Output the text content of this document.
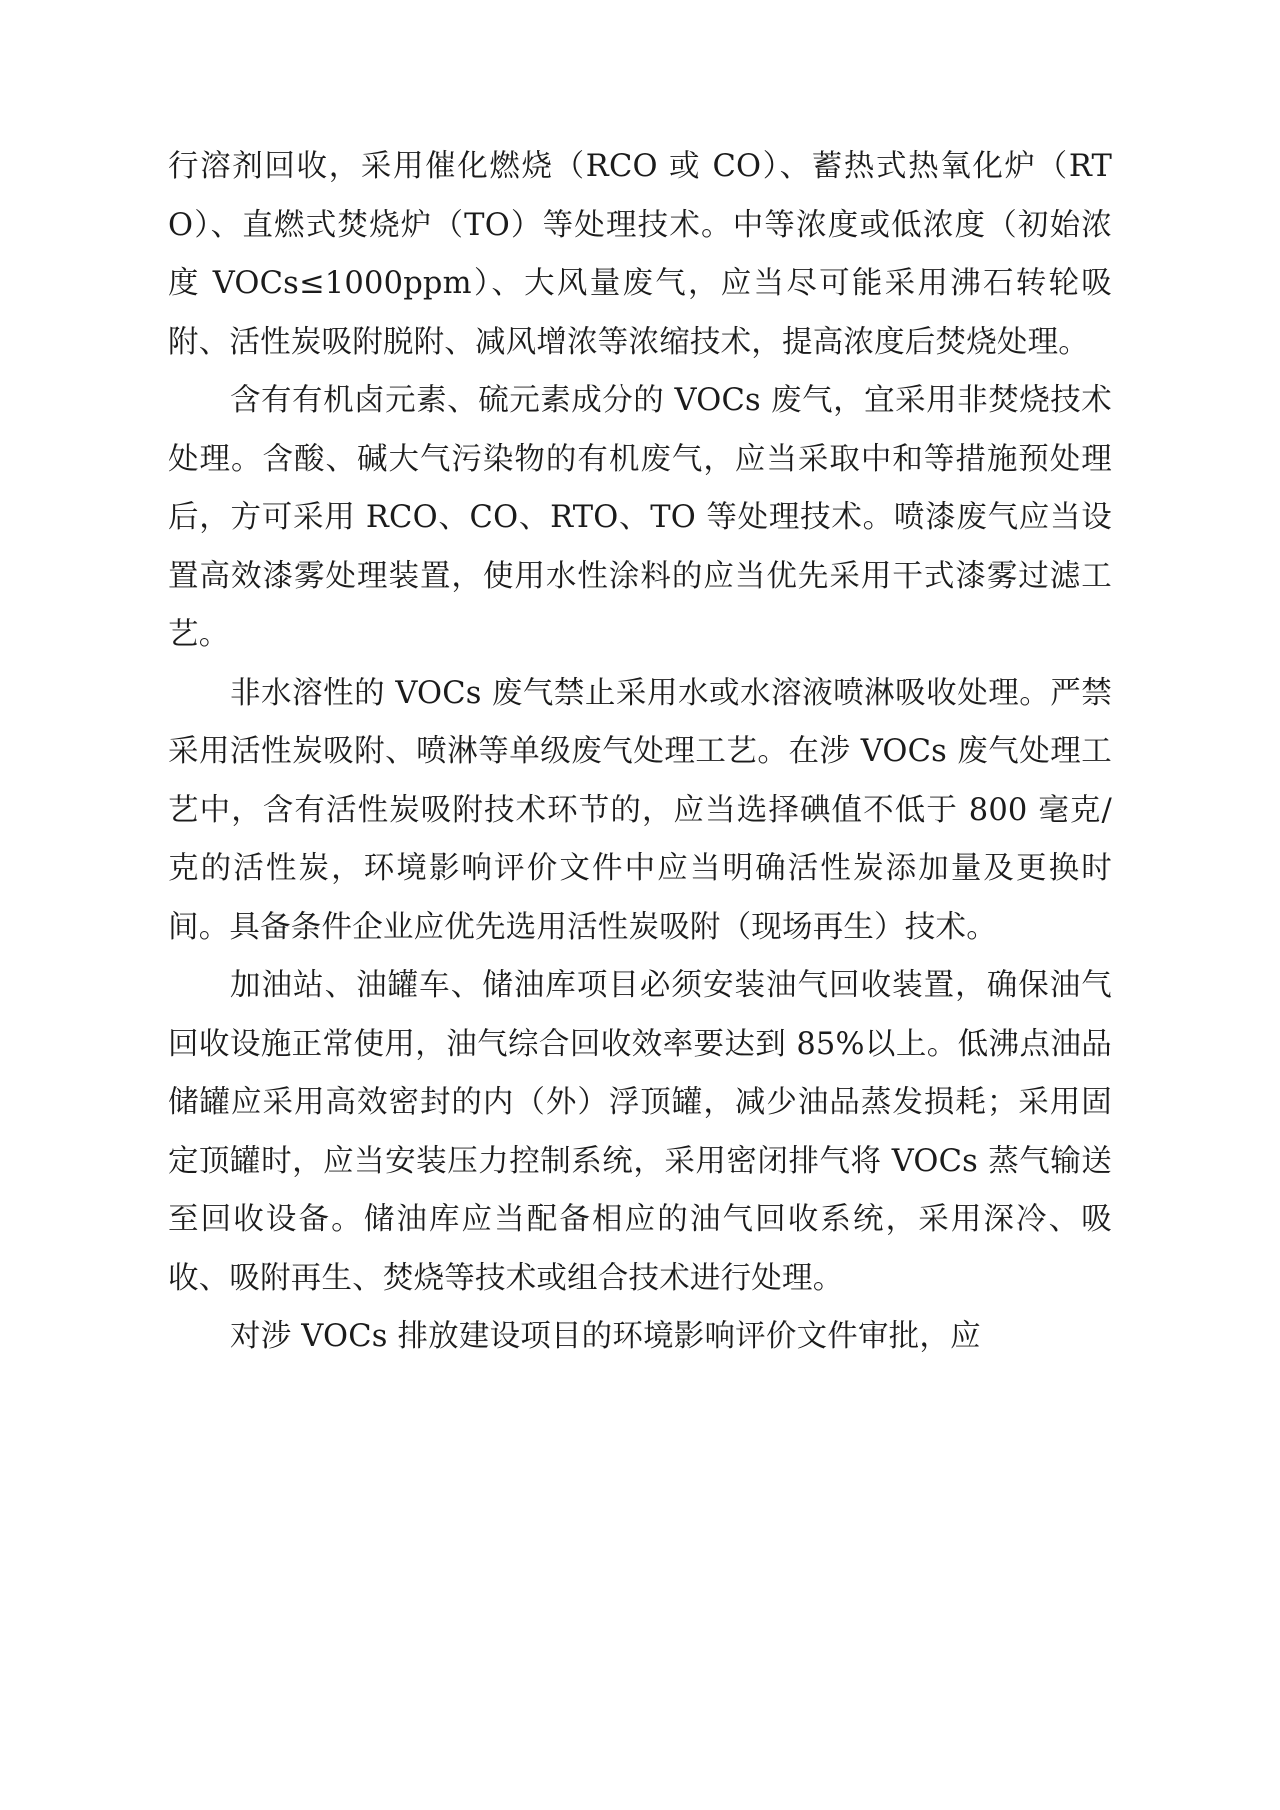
行溶剂回收，采用催化燃烧（RCO 或 CO）、蓄热式热氧化炉（RTO）、直燃式焚烧炉（TO）等处理技术。中等浓度或低浓度（初始浓度 VOCs≤1000ppm）、大风量废气，应当尽可能采用沸石转轮吸附、活性炭吸附脱附、减风增浓等浓缩技术，提高浓度后焚烧处理。

含有有机卤元素、硫元素成分的 VOCs 废气，宜采用非焚烧技术处理。含酸、碱大气污染物的有机废气，应当采取中和等措施预处理后，方可采用 RCO、CO、RTO、TO 等处理技术。喷漆废气应当设置高效漆雾处理装置，使用水性涂料的应当优先采用干式漆雾过滤工艺。

非水溶性的 VOCs 废气禁止采用水或水溶液喷淋吸收处理。严禁采用活性炭吸附、喷淋等单级废气处理工艺。在涉 VOCs 废气处理工艺中，含有活性炭吸附技术环节的，应当选择碘值不低于 800 毫克/克的活性炭，环境影响评价文件中应当明确活性炭添加量及更换时间。具备条件企业应优先选用活性炭吸附（现场再生）技术。

加油站、油罐车、储油库项目必须安装油气回收装置，确保油气回收设施正常使用，油气综合回收效率要达到 85%以上。低沸点油品储罐应采用高效密封的内（外）浮顶罐，减少油品蒸发损耗；采用固定顶罐时，应当安装压力控制系统，采用密闭排气将 VOCs 蒸气输送至回收设备。储油库应当配备相应的油气回收系统，采用深冷、吸收、吸附再生、焚烧等技术或组合技术进行处理。

对涉 VOCs 排放建设项目的环境影响评价文件审批，应
